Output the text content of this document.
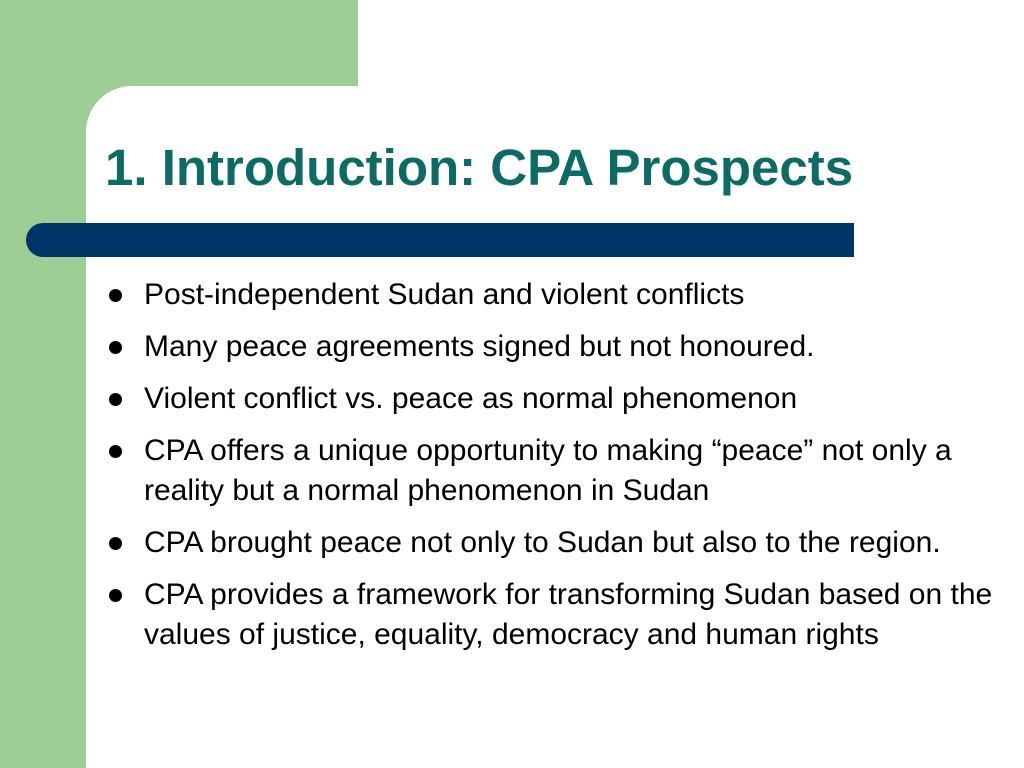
1. Introduction: CPA Prospects
Post-independent Sudan and violent conflicts
Many peace agreements signed but not honoured.
Violent conflict vs. peace as normal phenomenon
CPA offers a unique opportunity to making “peace” not only a reality but a normal phenomenon in Sudan
CPA brought peace not only to Sudan but also to the region.
CPA provides a framework for transforming Sudan based on the values of justice, equality, democracy and human rights
